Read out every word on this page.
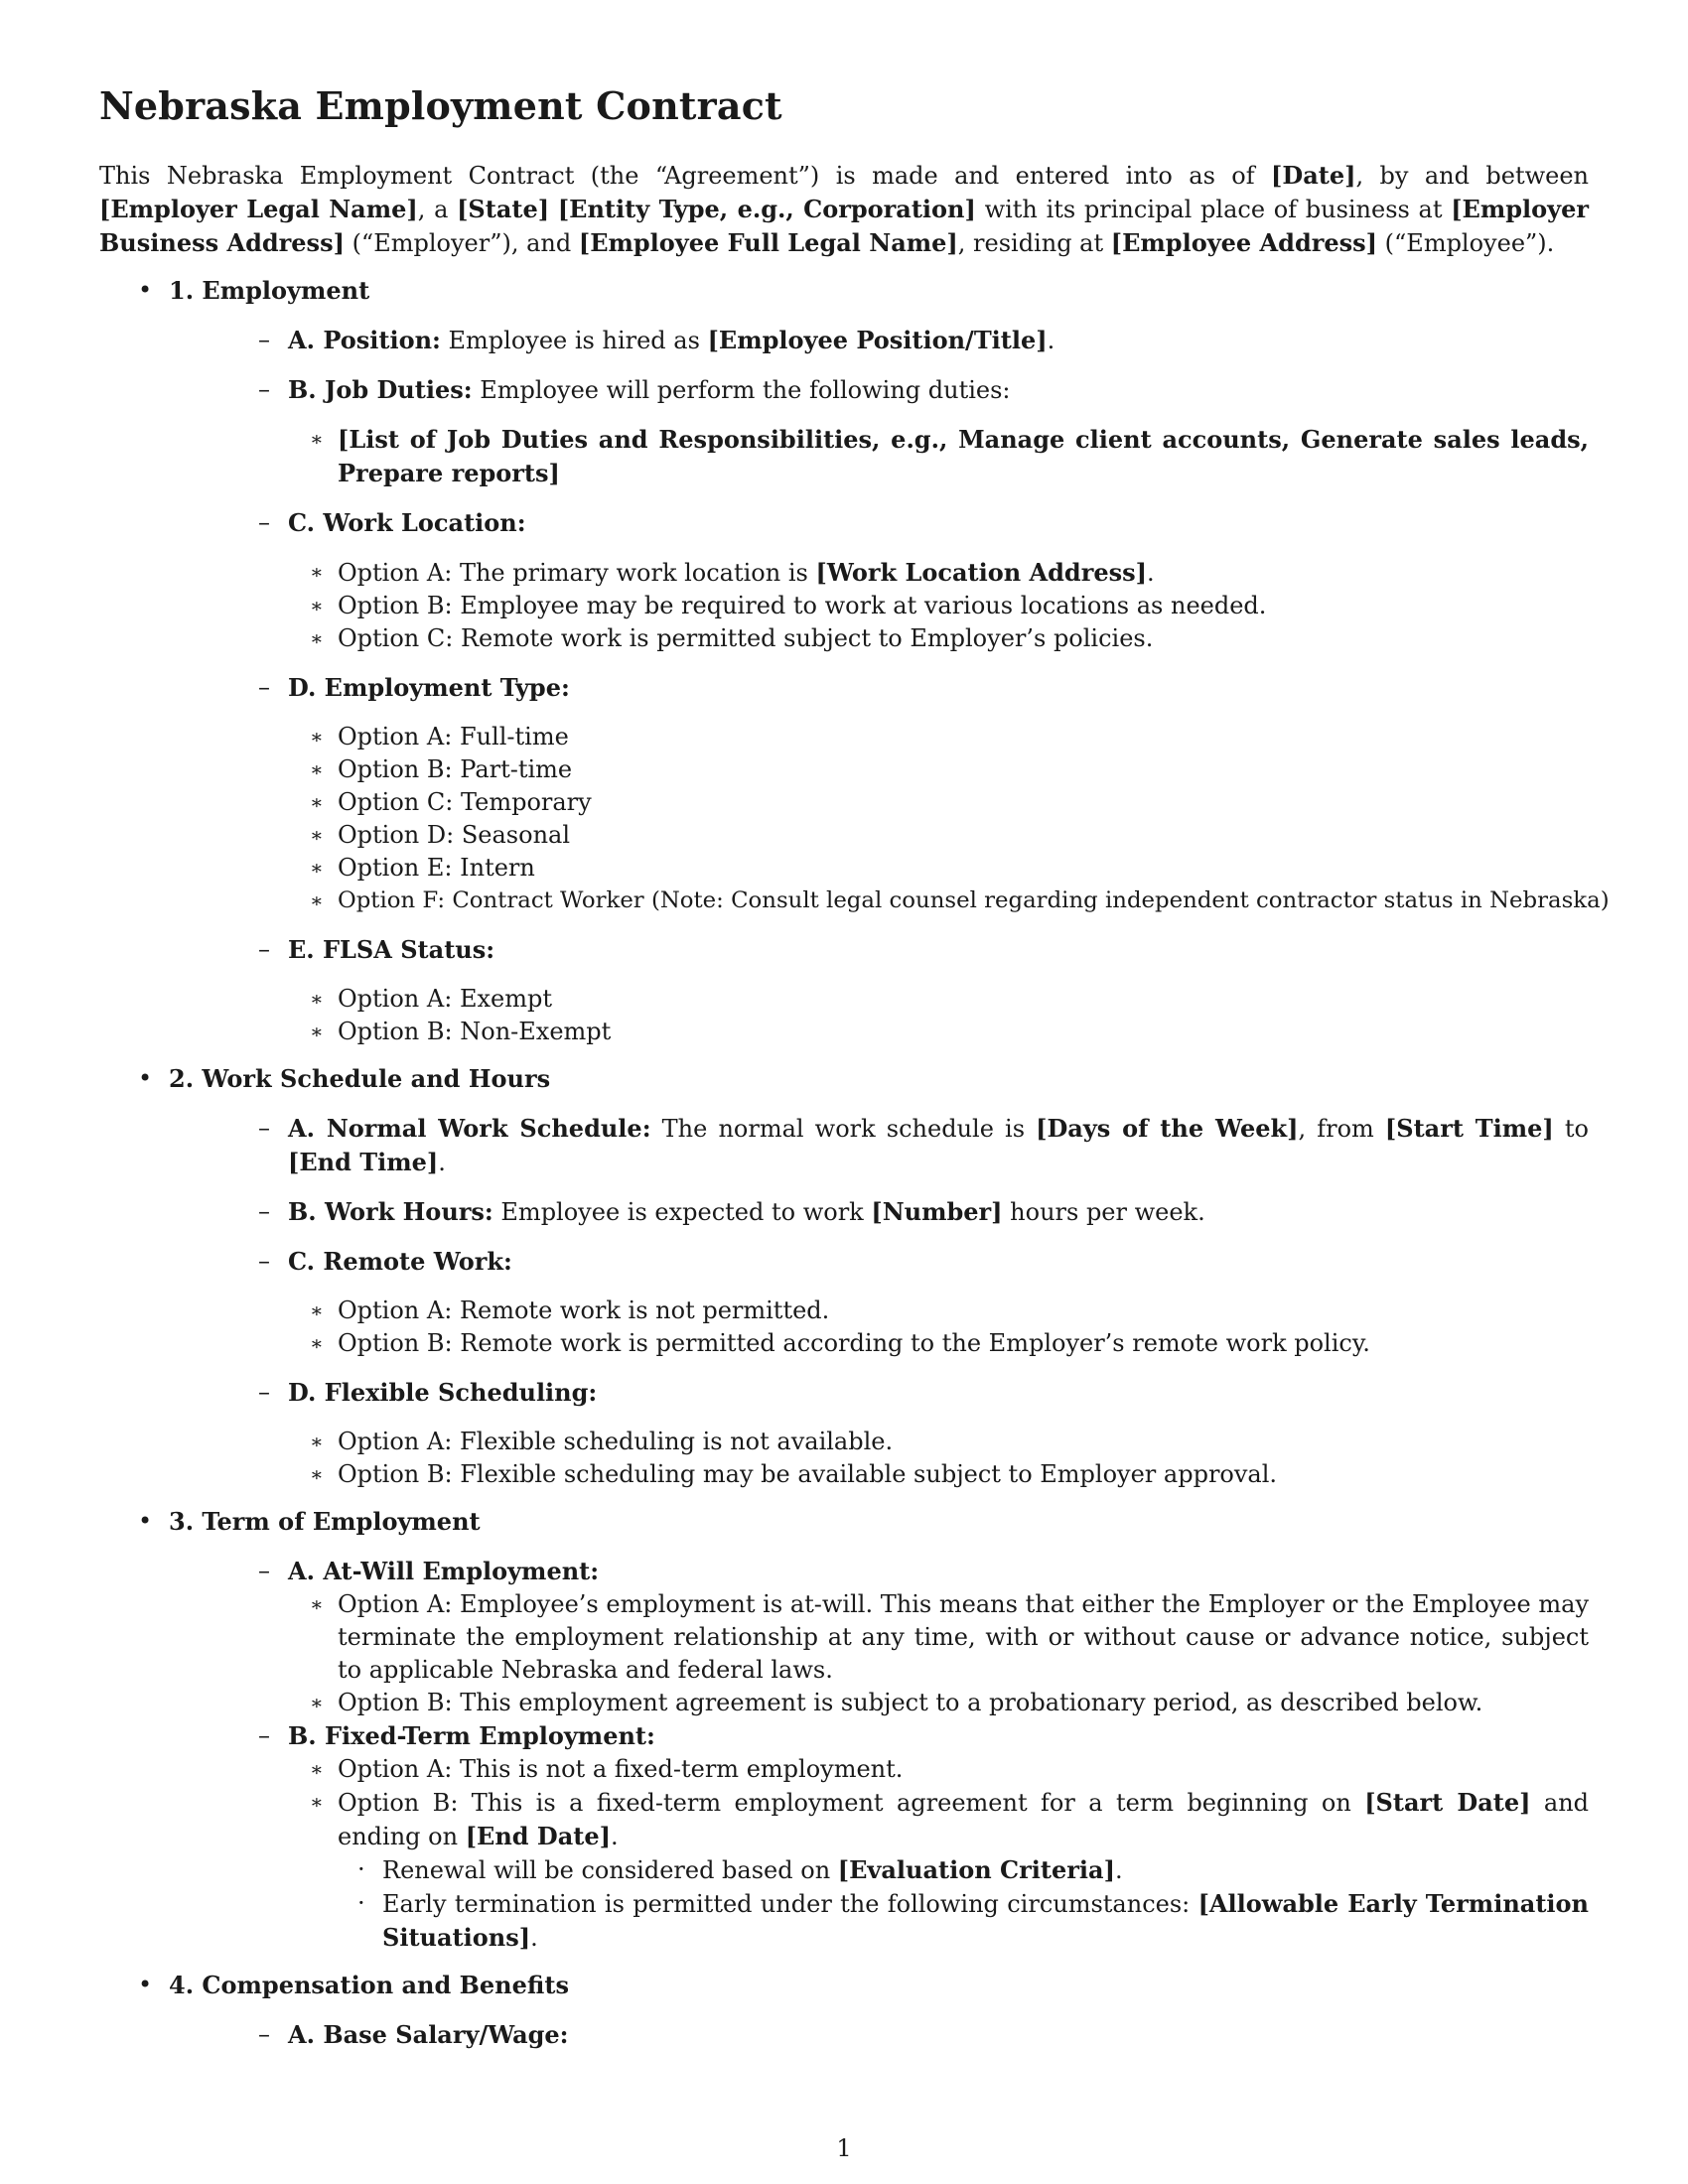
Nebraska Employment Contract

This Nebraska Employment Contract (the “Agreement”) is made and entered into as of [Date], by and between [Employer Legal Name], a [State] [Entity Type, e.g., Corporation] with its principal place of business at [Employer Business Address] (“Employer”), and [Employee Full Legal Name], residing at [Employee Address] (“Employee”).

• 1. Employment
– A. Position: Employee is hired as [Employee Position/Title].
– B. Job Duties: Employee will perform the following duties:
∗ [List of Job Duties and Responsibilities, e.g., Manage client accounts, Generate sales leads, Prepare reports]
– C. Work Location:
∗ Option A: The primary work location is [Work Location Address].
∗ Option B: Employee may be required to work at various locations as needed.
∗ Option C: Remote work is permitted subject to Employer’s policies.
– D. Employment Type:
∗ Option A: Full-time
∗ Option B: Part-time
∗ Option C: Temporary
∗ Option D: Seasonal
∗ Option E: Intern
∗ Option F: Contract Worker (Note: Consult legal counsel regarding independent contractor status in Nebraska)
– E. FLSA Status:
∗ Option A: Exempt
∗ Option B: Non-Exempt
• 2. Work Schedule and Hours
– A. Normal Work Schedule: The normal work schedule is [Days of the Week], from [Start Time] to [End Time].
– B. Work Hours: Employee is expected to work [Number] hours per week.
– C. Remote Work:
∗ Option A: Remote work is not permitted.
∗ Option B: Remote work is permitted according to the Employer’s remote work policy.
– D. Flexible Scheduling:
∗ Option A: Flexible scheduling is not available.
∗ Option B: Flexible scheduling may be available subject to Employer approval.
• 3. Term of Employment
– A. At-Will Employment:
∗ Option A: Employee’s employment is at-will. This means that either the Employer or the Employee may terminate the employment relationship at any time, with or without cause or advance notice, subject to applicable Nebraska and federal laws.
∗ Option B: This employment agreement is subject to a probationary period, as described below.
– B. Fixed-Term Employment:
∗ Option A: This is not a fixed-term employment.
∗ Option B: This is a fixed-term employment agreement for a term beginning on [Start Date] and ending on [End Date].
· Renewal will be considered based on [Evaluation Criteria].
· Early termination is permitted under the following circumstances: [Allowable Early Termination Situations].
• 4. Compensation and Benefits
– A. Base Salary/Wage:
1
